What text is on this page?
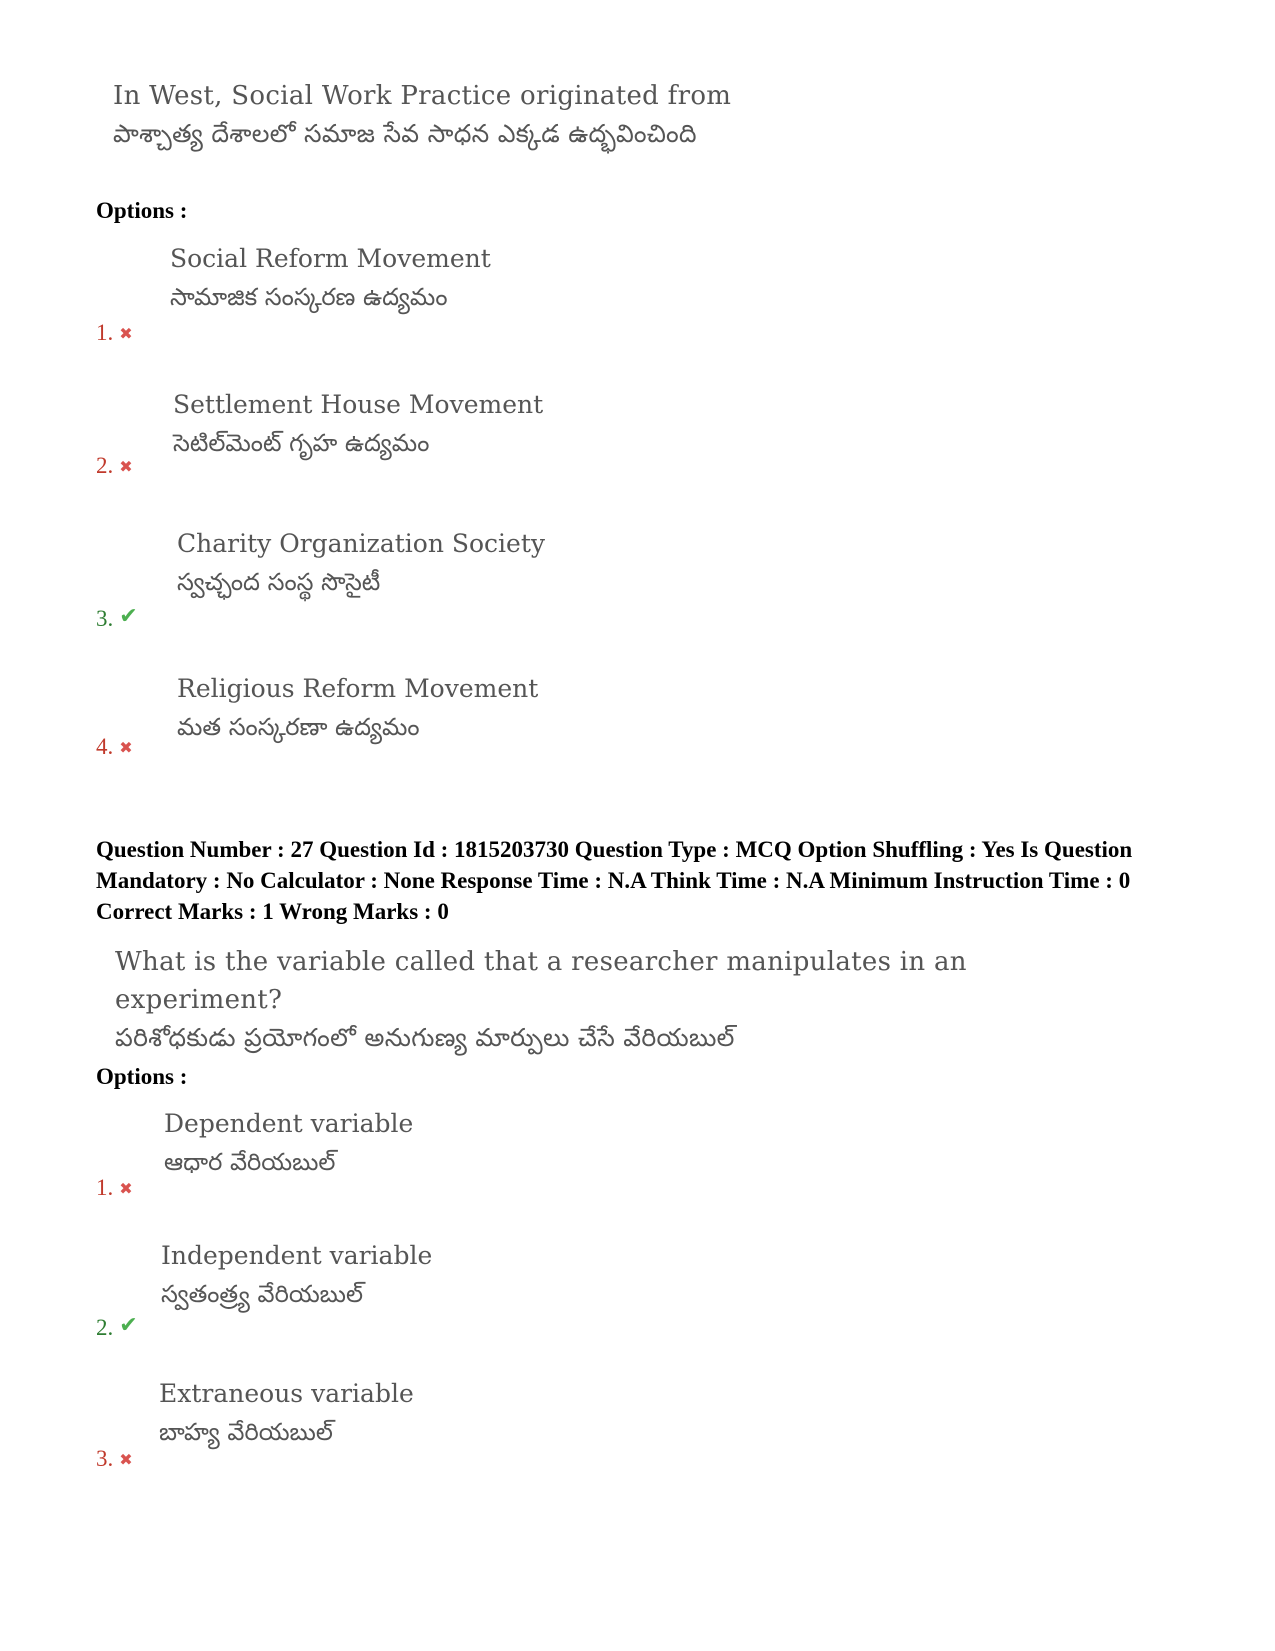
In West, Social Work Practice originated from
పాశ్చాత్య దేశాలలో సమాజ సేవ సాధన ఎక్కడ ఉద్భవించింది
Options :
Social Reform Movement
సామాజిక సంస్కరణ ఉద్యమం
1. ✖
Settlement House Movement
సెటిల్‌మెంట్ గృహ ఉద్యమం
2. ✖
Charity Organization Society
స్వచ్ఛంద సంస్థ సొసైటీ
3. ✔
Religious Reform Movement
మత సంస్కరణా ఉద్యమం
4. ✖
Question Number : 27 Question Id : 1815203730 Question Type : MCQ Option Shuffling : Yes Is Question
Mandatory : No Calculator : None Response Time : N.A Think Time : N.A Minimum Instruction Time : 0
Correct Marks : 1 Wrong Marks : 0
What is the variable called that a researcher manipulates in an
experiment?
పరిశోధకుడు ప్రయోగంలో అనుగుణ్య మార్పులు చేసే వేరియబుల్
Options :
Dependent variable
ఆధార వేరియబుల్
1. ✖
Independent variable
స్వతంత్ర్య వేరియబుల్
2. ✔
Extraneous variable
బాహ్య వేరియబుల్
3. ✖
